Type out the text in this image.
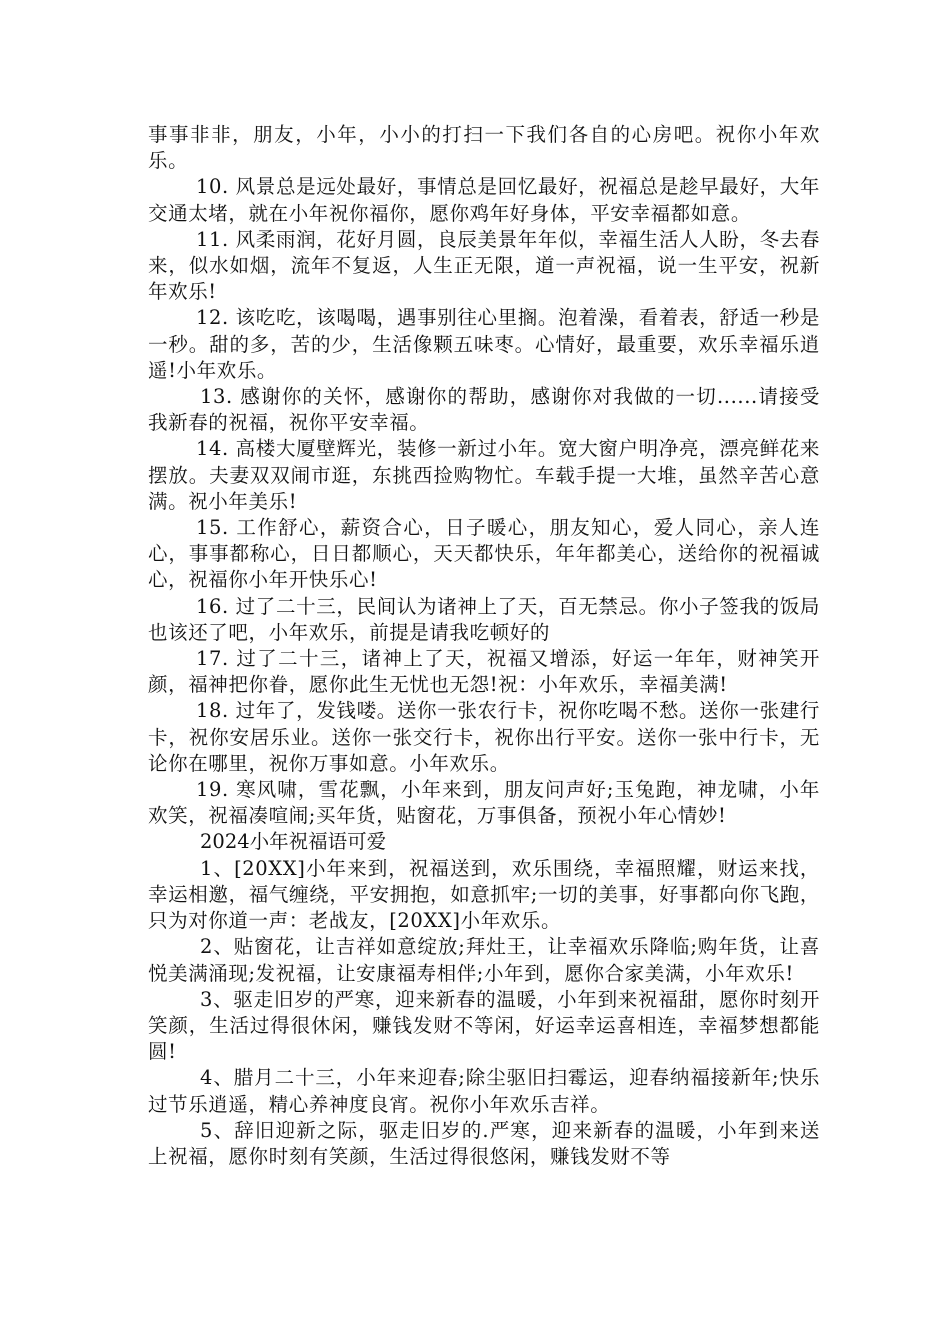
事事非非，朋友，小年，小小的打扫一下我们各自的心房吧。祝你小年欢乐。

10. 风景总是远处最好，事情总是回忆最好，祝福总是趁早最好，大年交通太堵，就在小年祝你福你，愿你鸡年好身体，平安幸福都如意。

11. 风柔雨润，花好月圆，良辰美景年年似，幸福生活人人盼，冬去春来，似水如烟，流年不复返，人生正无限，道一声祝福，说一生平安，祝新年欢乐!

12. 该吃吃，该喝喝，遇事别往心里搁。泡着澡，看着表，舒适一秒是一秒。甜的多，苦的少，生活像颗五味枣。心情好，最重要，欢乐幸福乐逍遥!小年欢乐。

13. 感谢你的关怀，感谢你的帮助，感谢你对我做的一切......请接受我新春的祝福，祝你平安幸福。

14. 高楼大厦壁辉光，装修一新过小年。宽大窗户明净亮，漂亮鲜花来摆放。夫妻双双闹市逛，东挑西捡购物忙。车载手提一大堆，虽然辛苦心意满。祝小年美乐!

15. 工作舒心，薪资合心，日子暖心，朋友知心，爱人同心，亲人连心，事事都称心，日日都顺心，天天都快乐，年年都美心，送给你的祝福诚心，祝福你小年开快乐心!

16. 过了二十三，民间认为诸神上了天，百无禁忌。你小子签我的饭局也该还了吧，小年欢乐，前提是请我吃顿好的

17. 过了二十三，诸神上了天，祝福又增添，好运一年年，财神笑开颜，福神把你眷，愿你此生无忧也无怨!祝：小年欢乐，幸福美满!

18. 过年了，发钱喽。送你一张农行卡，祝你吃喝不愁。送你一张建行卡，祝你安居乐业。送你一张交行卡，祝你出行平安。送你一张中行卡，无论你在哪里，祝你万事如意。小年欢乐。

19. 寒风啸，雪花飘，小年来到，朋友问声好;玉兔跑，神龙啸，小年欢笑，祝福凑喧闹;买年货，贴窗花，万事俱备，预祝小年心情妙!

2024小年祝福语可爱

1、[20XX]小年来到，祝福送到，欢乐围绕，幸福照耀，财运来找，幸运相邀，福气缠绕，平安拥抱，如意抓牢;一切的美事，好事都向你飞跑，只为对你道一声：老战友，[20XX]小年欢乐。

2、贴窗花，让吉祥如意绽放;拜灶王，让幸福欢乐降临;购年货，让喜悦美满涌现;发祝福，让安康福寿相伴;小年到，愿你合家美满，小年欢乐!

3、驱走旧岁的严寒，迎来新春的温暖，小年到来祝福甜，愿你时刻开笑颜，生活过得很休闲，赚钱发财不等闲，好运幸运喜相连，幸福梦想都能圆!

4、腊月二十三，小年来迎春;除尘驱旧扫霉运，迎春纳福接新年;快乐过节乐逍遥，精心养神度良宵。祝你小年欢乐吉祥。

5、辞旧迎新之际，驱走旧岁的.严寒，迎来新春的温暖，小年到来送上祝福，愿你时刻有笑颜，生活过得很悠闲，赚钱发财不等
